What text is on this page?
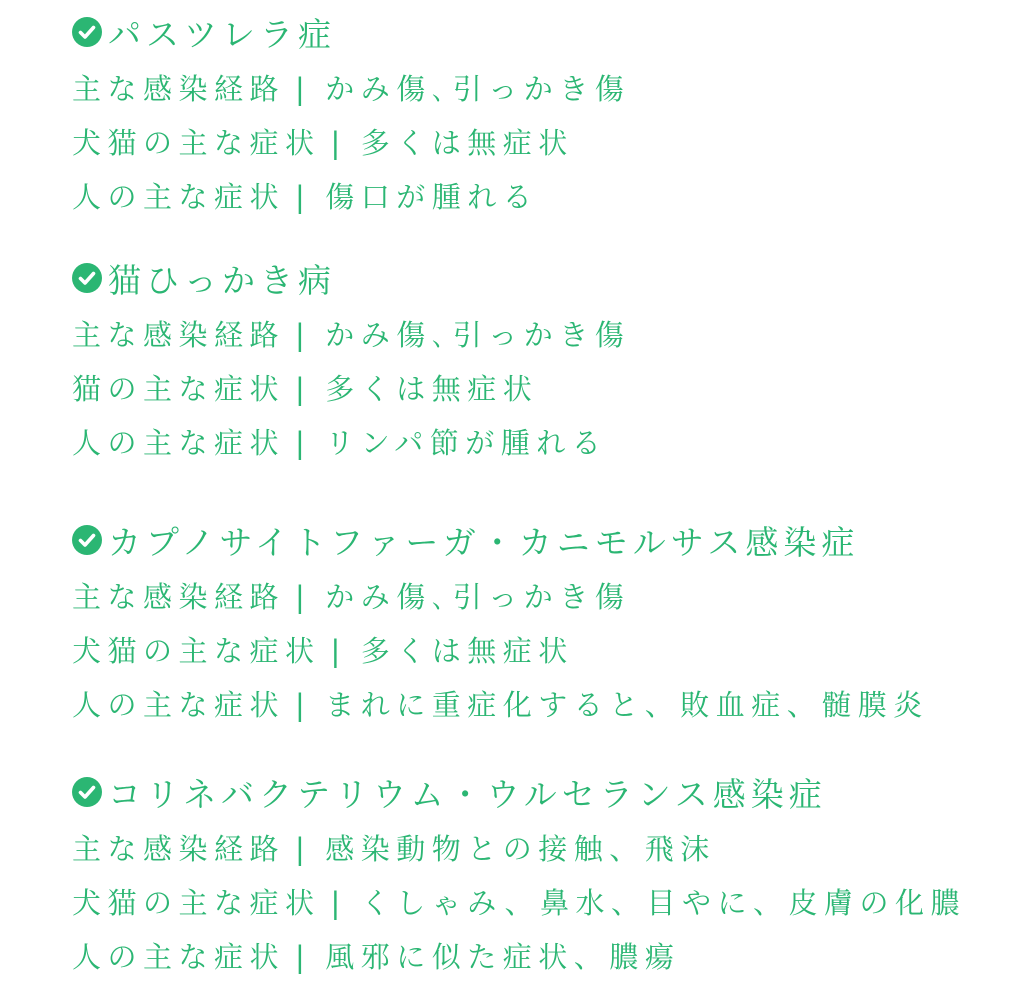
パスツレラ症
主な感染経路 | かみ傷､引っかき傷
犬猫の主な症状 | 多くは無症状
人の主な症状 | 傷口が腫れる
猫ひっかき病
主な感染経路 | かみ傷､引っかき傷
猫の主な症状 | 多くは無症状
人の主な症状 | リンパ節が腫れる
カプノサイトファーガ・カニモルサス感染症
主な感染経路 | かみ傷､引っかき傷
犬猫の主な症状 | 多くは無症状
人の主な症状 | まれに重症化すると、敗血症、髄膜炎
コリネバクテリウム・ウルセランス感染症
主な感染経路 | 感染動物との接触、飛沫
犬猫の主な症状 | くしゃみ、鼻水、目やに、皮膚の化膿
人の主な症状 | 風邪に似た症状、膿瘍
